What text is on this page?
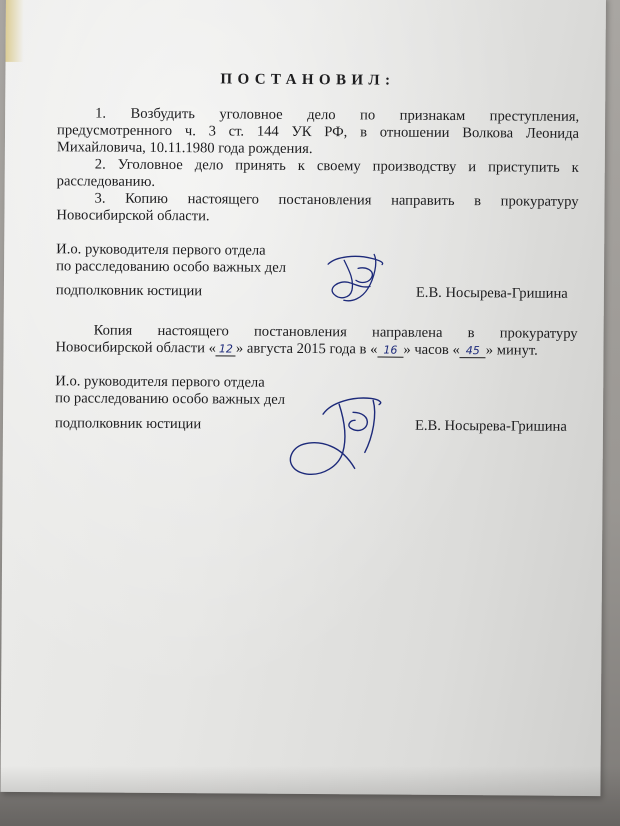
ПОСТАНОВИЛ:
1. Возбудить уголовное дело по признакам преступления,
предусмотренного ч. 3 ст. 144 УК РФ, в отношении Волкова Леонида
Михайловича, 10.11.1980 года рождения.
2. Уголовное дело принять к своему производству и приступить к
расследованию.
3. Копию настоящего постановления направить в прокуратуру
Новосибирской области.
И.о. руководителя первого отдела
по расследованию особо важных дел
подполковник юстиции	Е.В. Носырева-Гришина
Копия настоящего постановления направлена в прокуратуру
Новосибирской области « 12 » августа 2015 года в « 16 » часов « 45 » минут.
И.о. руководителя первого отдела
по расследованию особо важных дел
подполковник юстиции	Е.В. Носырева-Гришина
